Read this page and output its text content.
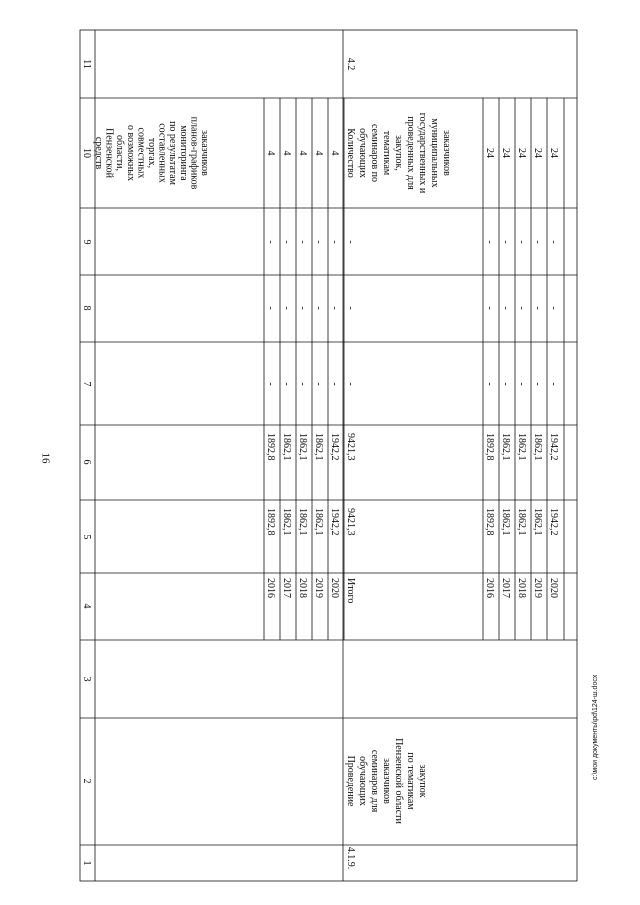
16
1
2
3
4
5
6
7
8
9
10
11
средств Пензенской области, о возможных совместных торгах, составленных по результатам мониторинга планов-графиков заказчиков
2016
1892,8
1892,8
-
-
-
4
2017
1862,1
1862,1
-
-
-
4
2018
1862,1
1862,1
-
-
-
4
2019
1862,1
1862,1
-
-
-
4
2020
1942,2
1942,2
-
-
-
4
4.1.9.
Проведение обучающих семинаров для заказчиков Пензенской области по тематикам закупок
Итого
9421,3
9421,3
-
-
-
Количество обучающих семинаров по тематикам закупок, проведенных для государственных и муниципальных заказчиков
4.2
2016
1892,8
1892,8
-
-
-
24
2017
1862,1
1862,1
-
-
-
24
2018
1862,1
1862,1
-
-
-
24
2019
1862,1
1862,1
-
-
-
24
2020
1942,2
1942,2
-
-
-
24
c:\мои документы\pd\124-ш.docx
